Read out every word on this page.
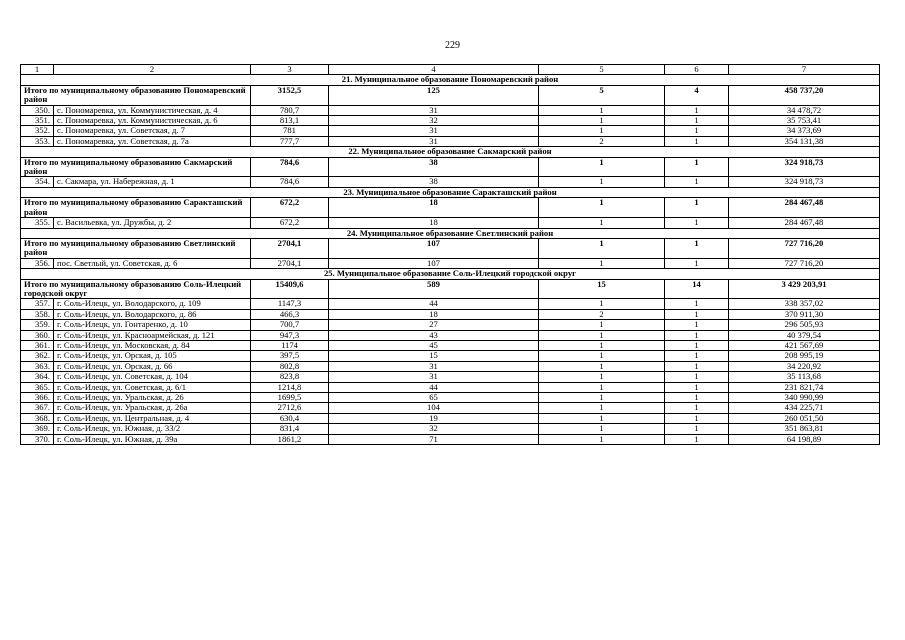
229
1	2	3	4	5	6	7
21. Муниципальное образование Пономаревский район						
Итого по муниципальному образованию Пономаревский район		3152,5	125	5	4	458 737,20
350.	с. Пономаревка, ул. Коммунистическая, д. 4	780,7	31	1	1	34 478,72
351.	с. Пономаревка, ул. Коммунистическая, д. 6	813,1	32	1	1	35 753,41
352.	с. Пономаревка, ул. Советская, д. 7	781	31	1	1	34 373,69
353.	с. Пономаревка, ул. Советская, д. 7а	777,7	31	2	1	354 131,38
22. Муниципальное образование Сакмарский район						
Итого по муниципальному образованию Сакмарский район		784,6	38	1	1	324 918,73
354.	с. Сакмара, ул. Набережная, д. 1	784,6	38	1	1	324 918,73
23. Муниципальное образование Саракташский район						
Итого по муниципальному образованию Саракташский район		672,2	18	1	1	284 467,48
355.	с. Васильевка, ул. Дружбы, д. 2	672,2	18	1	1	284 467,48
24. Муниципальное образование Светлинский район						
Итого по муниципальному образованию Светлинский район		2704,1	107	1	1	727 716,20
356.	пос. Светлый, ул. Советская, д. 6	2704,1	107	1	1	727 716,20
25. Муниципальное образование Соль-Илецкий городской округ						
Итого по муниципальному образованию Соль-Илецкий городской округ		15409,6	589	15	14	3 429 203,91
357.	г. Соль-Илецк, ул. Володарского, д. 109	1147,3	44	1	1	338 357,02
358.	г. Соль-Илецк, ул. Володарского, д. 86	466,3	18	2	1	370 911,30
359.	г. Соль-Илецк, ул. Гонтаренко, д. 10	700,7	27	1	1	296 505,93
360.	г. Соль-Илецк, ул. Красноармейская, д. 121	947,3	43	1	1	40 379,54
361.	г. Соль-Илецк, ул. Московская, д. 84	1174	45	1	1	421 567,69
362.	г. Соль-Илецк, ул. Орская, д. 105	397,5	15	1	1	208 995,19
363.	г. Соль-Илецк, ул. Орская, д. 66	802,8	31	1	1	34 220,92
364.	г. Соль-Илецк, ул. Советская, д. 104	823,8	31	1	1	35 113,68
365.	г. Соль-Илецк, ул. Советская, д. 6/1	1214,8	44	1	1	231 821,74
366.	г. Соль-Илецк, ул. Уральская, д. 26	1699,5	65	1	1	340 990,99
367.	г. Соль-Илецк, ул. Уральская, д. 26а	2712,6	104	1	1	434 225,71
368.	г. Соль-Илецк, ул. Центральная, д. 4	630,4	19	1	1	260 051,50
369.	г. Соль-Илецк, ул. Южная, д. 33/2	831,4	32	1	1	351 863,81
370.	г. Соль-Илецк, ул. Южная, д. 39а	1861,2	71	1	1	64 198,89
